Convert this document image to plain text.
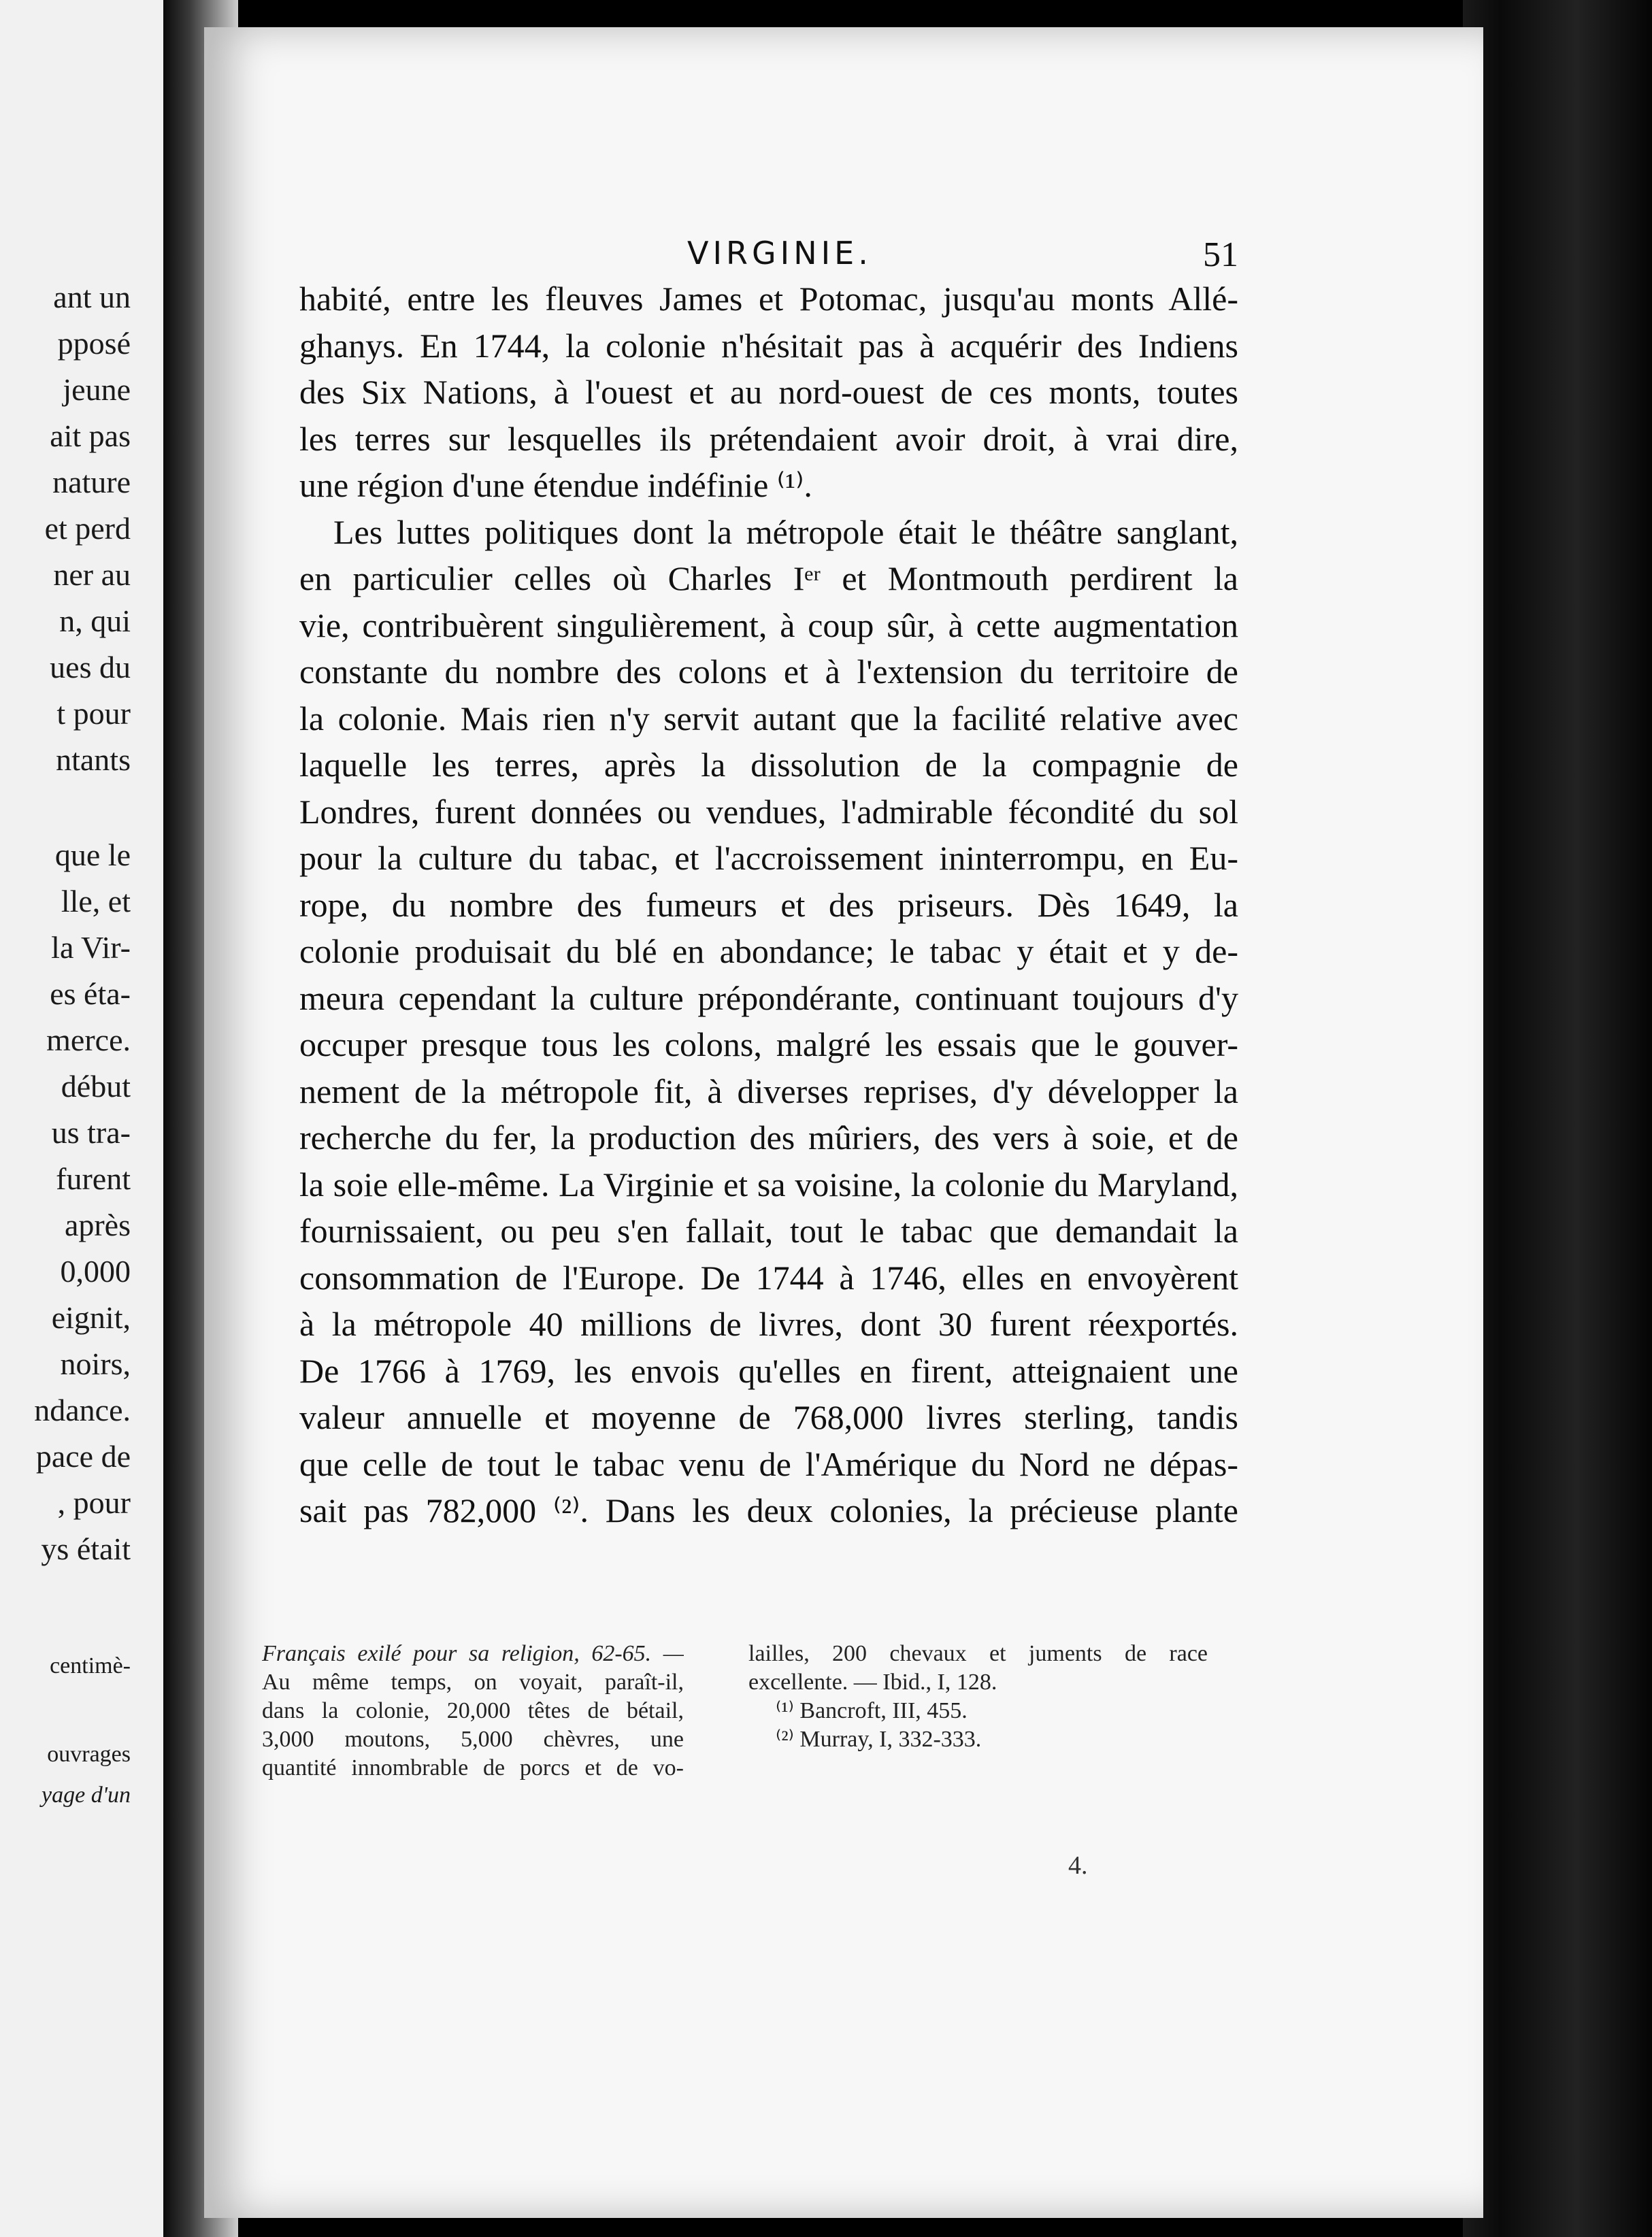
ant un
pposé
jeune
ait pas
nature
et perd
ner au
n, qui
ues du
t pour
ntants
que le
lle, et
la Vir-
es éta-
merce.
début
us tra-
furent
après
0,000
eignit,
noirs,
ndance.
pace de
, pour
ys était
centimè-
ouvrages
yage d'un
VIRGINIE.	51
habité, entre les fleuves James et Potomac, jusqu'au monts Allé-
ghanys. En 1744, la colonie n'hésitait pas à acquérir des Indiens
des Six Nations, à l'ouest et au nord-ouest de ces monts, toutes
les terres sur lesquelles ils prétendaient avoir droit, à vrai dire,
une région d'une étendue indéfinie ⁽¹⁾.
Les luttes politiques dont la métropole était le théâtre sanglant,
en particulier celles où Charles Iᵉʳ et Montmouth perdirent la
vie, contribuèrent singulièrement, à coup sûr, à cette augmentation
constante du nombre des colons et à l'extension du territoire de
la colonie. Mais rien n'y servit autant que la facilité relative avec
laquelle les terres, après la dissolution de la compagnie de
Londres, furent données ou vendues, l'admirable fécondité du sol
pour la culture du tabac, et l'accroissement ininterrompu, en Eu-
rope, du nombre des fumeurs et des priseurs. Dès 1649, la
colonie produisait du blé en abondance; le tabac y était et y de-
meura cependant la culture prépondérante, continuant toujours d'y
occuper presque tous les colons, malgré les essais que le gouver-
nement de la métropole fit, à diverses reprises, d'y développer la
recherche du fer, la production des mûriers, des vers à soie, et de
la soie elle-même. La Virginie et sa voisine, la colonie du Maryland,
fournissaient, ou peu s'en fallait, tout le tabac que demandait la
consommation de l'Europe. De 1744 à 1746, elles en envoyèrent
à la métropole 40 millions de livres, dont 30 furent réexportés.
De 1766 à 1769, les envois qu'elles en firent, atteignaient une
valeur annuelle et moyenne de 768,000 livres sterling, tandis
que celle de tout le tabac venu de l'Amérique du Nord ne dépas-
sait pas 782,000 ⁽²⁾. Dans les deux colonies, la précieuse plante
Français exilé pour sa religion, 62-65. —
Au même temps, on voyait, paraît-il,
dans la colonie, 20,000 têtes de bétail,
3,000 moutons, 5,000 chèvres, une
quantité innombrable de porcs et de vo-
lailles, 200 chevaux et juments de race
excellente. — Ibid., I, 128.
⁽¹⁾ Bancroft, III, 455.
⁽²⁾ Murray, I, 332-333.
4.
